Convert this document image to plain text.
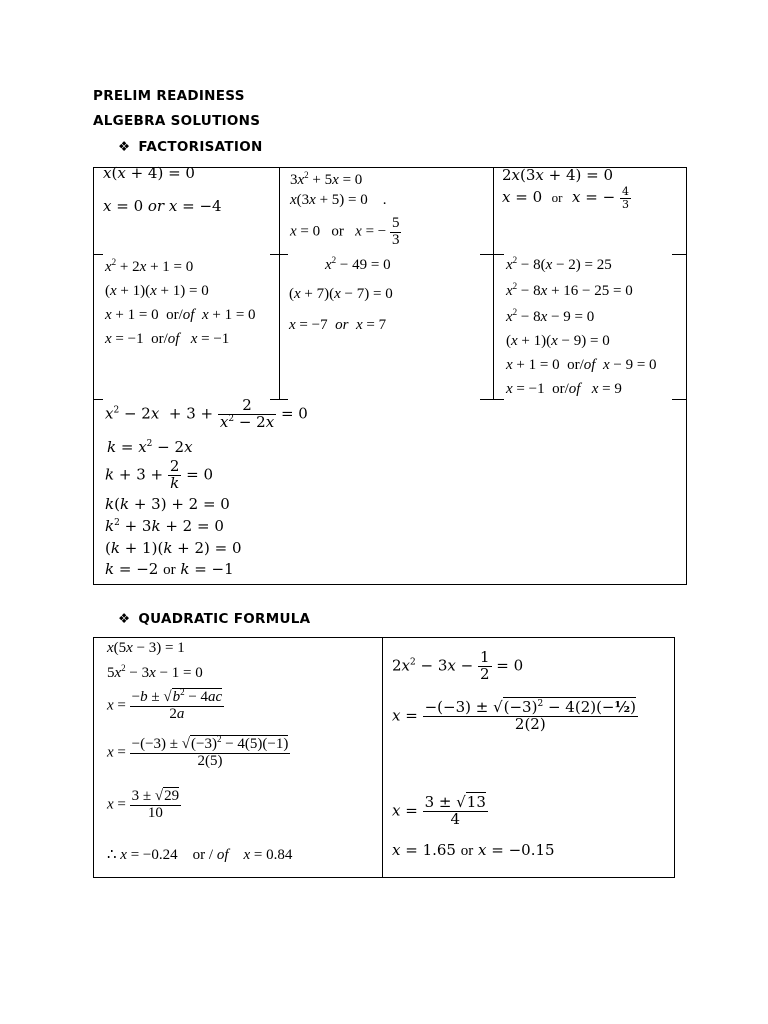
PRELIM READINESS
ALGEBRA SOLUTIONS
❖ FACTORISATION
x(x + 4) = 0
x = 0 or x = −4
$3x^2 + 5x = 0$
x(3x + 5) = 0    .
x = 0   or   x = − $\frac{5}{3}$
2x(3x + 4) = 0
x = 0  or x = − $\frac{4}{3}$
$x^2 + 2x + 1 = 0$
(x + 1)(x + 1) = 0
x + 1 = 0  or/of x + 1 = 0
x = −1  or/of x = −1
$x^2 - 49 = 0$
(x + 7)(x − 7) = 0
x = −7  or x = 7
$x^2 - 8(x - 2) = 25$
$x^2 - 8x + 16 - 25 = 0$
$x^2 - 8x - 9 = 0$
(x + 1)(x − 9) = 0
x + 1 = 0  or/of x − 9 = 0
x = −1  or/of x = 9
$x^2 - 2x + 3 + \frac{2}{x^2 - 2x} = 0$
$k = x^2 - 2x$
$k + 3 + \frac{2}{k} = 0$
k(k + 3) + 2 = 0
$k^2 + 3k + 2 = 0$
(k + 1)(k + 2) = 0
k = −2 or k = −1
❖ QUADRATIC FORMULA
x(5x − 3) = 1
$5x^2 - 3x - 1 = 0$
$x = \frac{-b \pm √b^2 - 4ac}{2a}$
$x = \frac{-(-3) \pm √(-3)^2 - 4(5)(-1)}{2(5)}$
$x = \frac{3 \pm √29}{10}$
∴ x = −0.24    or / of x = 0.84
$2x^2 - 3x - \frac{1}{2} = 0$
$x = \frac{-(-3) \pm √(-3)^2 - 4(2)(-\frac{1}{2})}{2(2)}$
$x = \frac{3 \pm √13}{4}$
x = 1.65 or x = −0.15
